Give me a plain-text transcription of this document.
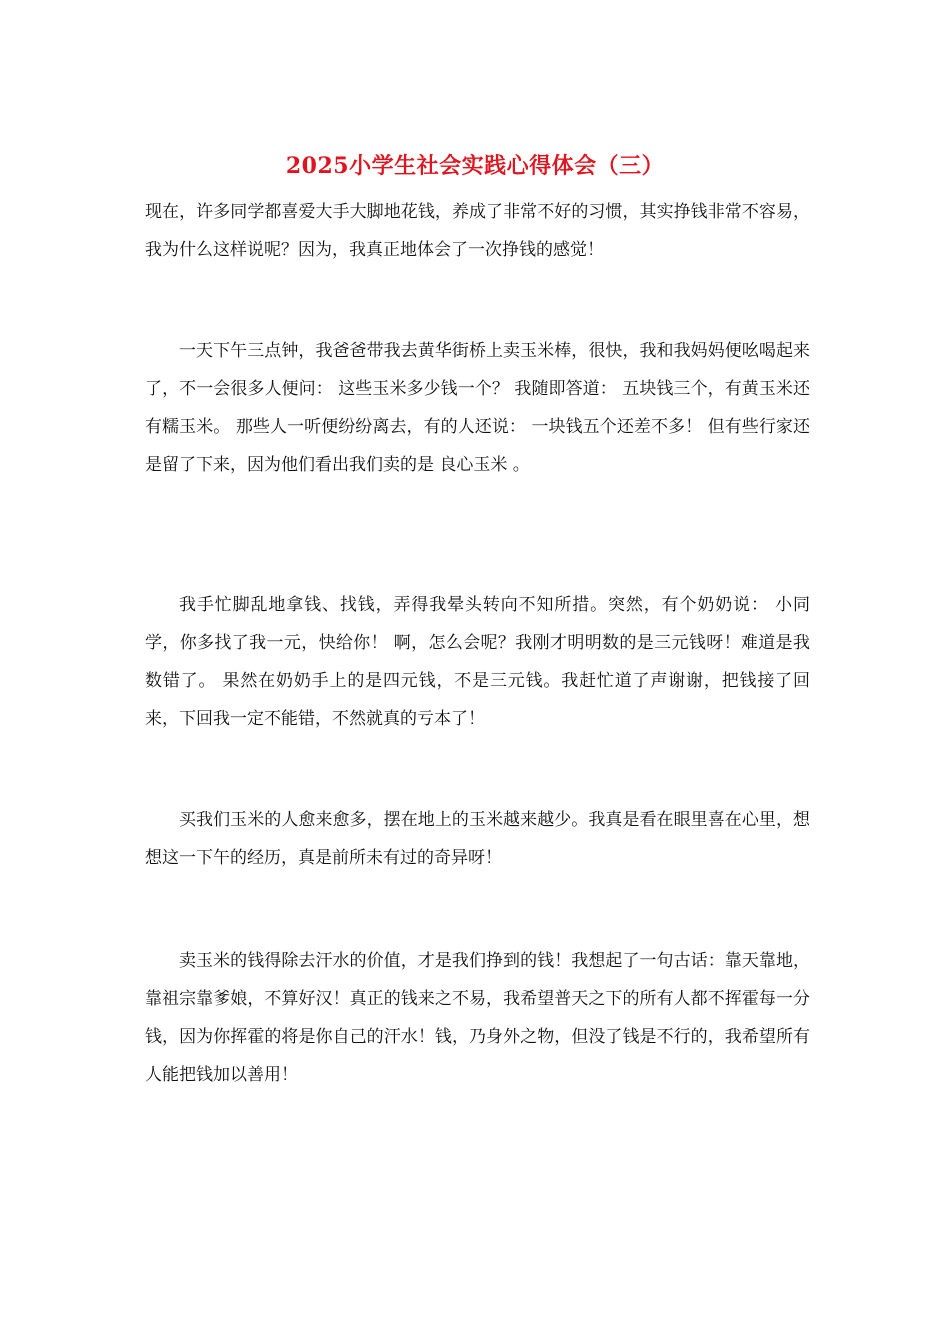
2025小学生社会实践心得体会（三）

现在，许多同学都喜爱大手大脚地花钱，养成了非常不好的习惯，其实挣钱非常不容易，我为什么这样说呢？因为，我真正地体会了一次挣钱的感觉！

一天下午三点钟，我爸爸带我去黄华街桥上卖玉米棒，很快，我和我妈妈便吆喝起来了，不一会很多人便问： 这些玉米多少钱一个？ 我随即答道： 五块钱三个，有黄玉米还有糯玉米。 那些人一听便纷纷离去，有的人还说： 一块钱五个还差不多！ 但有些行家还是留了下来，因为他们看出我们卖的是 良心玉米 。

我手忙脚乱地拿钱、找钱，弄得我晕头转向不知所措。突然，有个奶奶说： 小同学，你多找了我一元，快给你！ 啊，怎么会呢？我刚才明明数的是三元钱呀！难道是我数错了。 果然在奶奶手上的是四元钱，不是三元钱。我赶忙道了声谢谢，把钱接了回来，下回我一定不能错，不然就真的亏本了！

买我们玉米的人愈来愈多，摆在地上的玉米越来越少。我真是看在眼里喜在心里，想想这一下午的经历，真是前所未有过的奇异呀！

卖玉米的钱得除去汗水的价值，才是我们挣到的钱！我想起了一句古话：靠天靠地，靠祖宗靠爹娘，不算好汉！真正的钱来之不易，我希望普天之下的所有人都不挥霍每一分钱，因为你挥霍的将是你自己的汗水！钱，乃身外之物，但没了钱是不行的，我希望所有人能把钱加以善用！
